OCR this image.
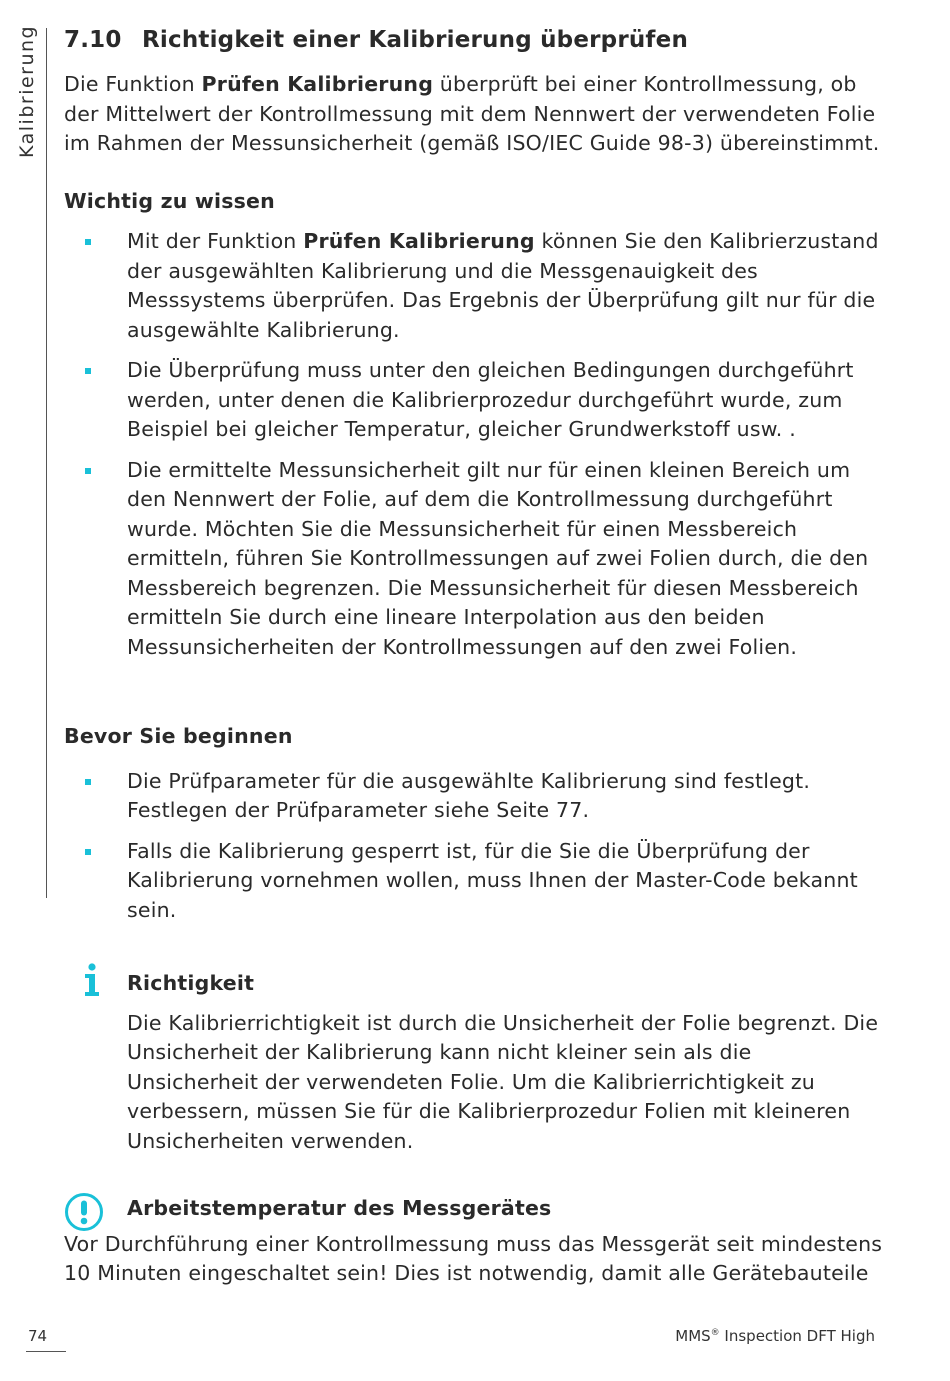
Kalibrierung 7.10 Richtigkeit einer Kalibrierung überprüfen

Die Funktion Prüfen Kalibrierung überprüft bei einer Kontrollmessung, ob der Mittelwert der Kontrollmessung mit dem Nennwert der verwendeten Folie im Rahmen der Messunsicherheit (gemäß ISO/IEC Guide 98-3) übereinstimmt.

Wichtig zu wissen

Mit der Funktion Prüfen Kalibrierung können Sie den Kalibrierzustand der ausgewählten Kalibrierung und die Messgenauigkeit des Messsystems überprüfen. Das Ergebnis der Überprüfung gilt nur für die ausgewählte Kalibrierung.
Die Überprüfung muss unter den gleichen Bedingungen durchgeführt werden, unter denen die Kalibrierprozedur durchgeführt wurde, zum Beispiel bei gleicher Temperatur, gleicher Grundwerkstoff usw. .
Die ermittelte Messunsicherheit gilt nur für einen kleinen Bereich um den Nennwert der Folie, auf dem die Kontrollmessung durchgeführt wurde. Möchten Sie die Messunsicherheit für einen Messbereich ermitteln, führen Sie Kontrollmessungen auf zwei Folien durch, die den Messbereich begrenzen. Die Messunsicherheit für diesen Messbereich ermitteln Sie durch eine lineare Interpolation aus den beiden Messunsicherheiten der Kontrollmessungen auf den zwei Folien.

Bevor Sie beginnen

Die Prüfparameter für die ausgewählte Kalibrierung sind festlegt. Festlegen der Prüfparameter siehe Seite 77.
Falls die Kalibrierung gesperrt ist, für die Sie die Überprüfung der Kalibrierung vornehmen wollen, muss Ihnen der Master-Code bekannt sein.

Richtigkeit

Die Kalibrierrichtigkeit ist durch die Unsicherheit der Folie begrenzt. Die Unsicherheit der Kalibrierung kann nicht kleiner sein als die Unsicherheit der verwendeten Folie. Um die Kalibrierrichtigkeit zu verbessern, müssen Sie für die Kalibrierprozedur Folien mit kleineren Unsicherheiten verwenden.

Arbeitstemperatur des Messgerätes

Vor Durchführung einer Kontrollmessung muss das Messgerät seit mindestens 10 Minuten eingeschaltet sein! Dies ist notwendig, damit alle Gerätebauteile

74	MMS® Inspection DFT High
